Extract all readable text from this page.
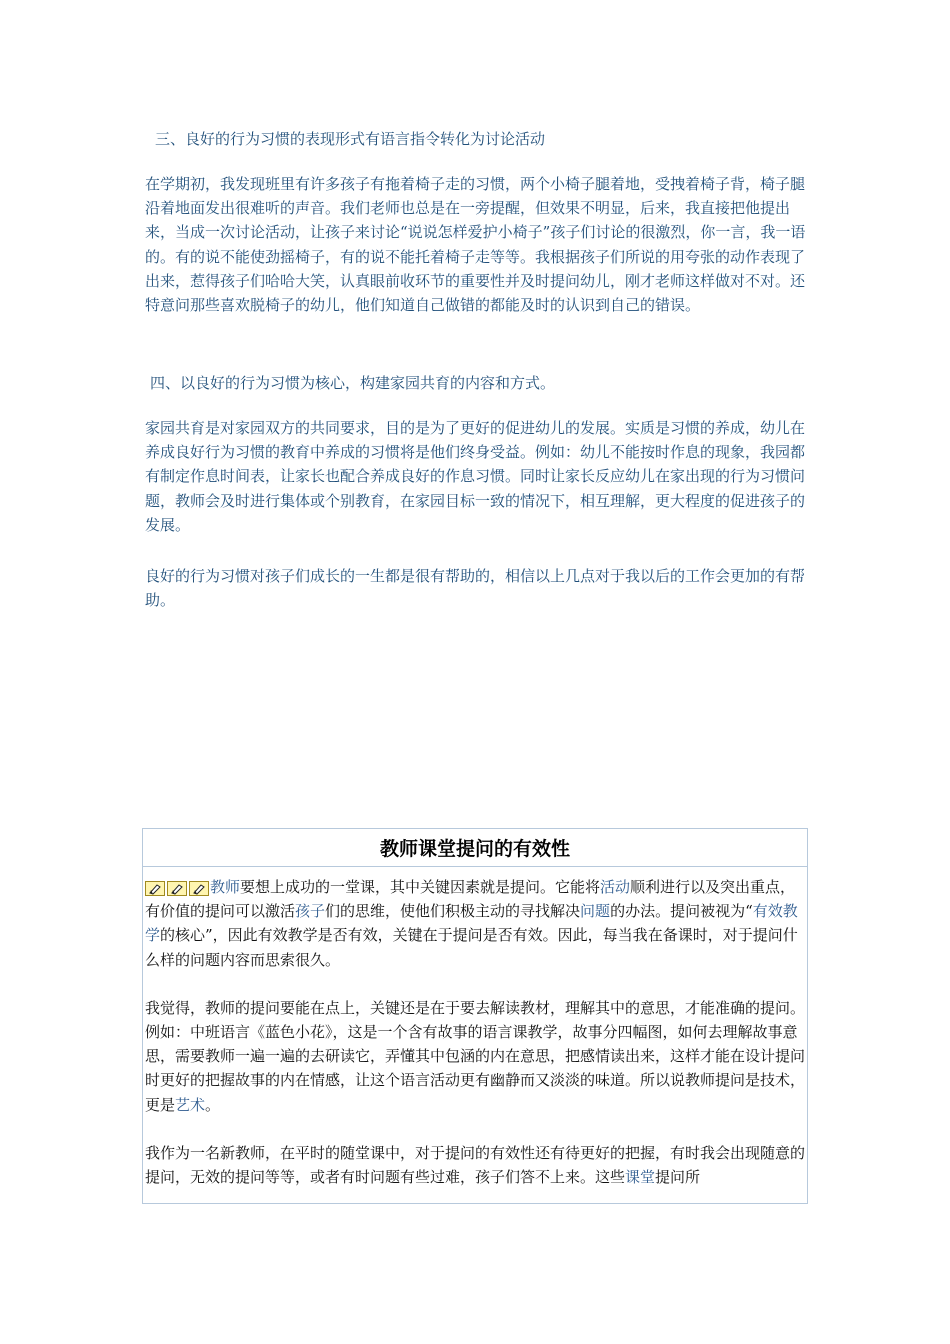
三、良好的行为习惯的表现形式有语言指令转化为讨论活动

在学期初，我发现班里有许多孩子有拖着椅子走的习惯，两个小椅子腿着地，受拽着椅子背，椅子腿沿着地面发出很难听的声音。我们老师也总是在一旁提醒，但效果不明显，后来，我直接把他提出来，当成一次讨论活动，让孩子来讨论“说说怎样爱护小椅子”孩子们讨论的很激烈，你一言，我一语的。有的说不能使劲摇椅子，有的说不能托着椅子走等等。我根据孩子们所说的用夸张的动作表现了出来，惹得孩子们哈哈大笑，认真眼前收环节的重要性并及时提问幼儿，刚才老师这样做对不对。还特意问那些喜欢脱椅子的幼儿，他们知道自己做错的都能及时的认识到自己的错误。

四、以良好的行为习惯为核心，构建家园共育的内容和方式。

家园共育是对家园双方的共同要求，目的是为了更好的促进幼儿的发展。实质是习惯的养成，幼儿在养成良好行为习惯的教育中养成的习惯将是他们终身受益。例如：幼儿不能按时作息的现象，我园都有制定作息时间表，让家长也配合养成良好的作息习惯。同时让家长反应幼儿在家出现的行为习惯问题，教师会及时进行集体或个别教育，在家园目标一致的情况下，相互理解，更大程度的促进孩子的发展。

良好的行为习惯对孩子们成长的一生都是很有帮助的，相信以上几点对于我以后的工作会更加的有帮助。

教师课堂提问的有效性

教师要想上成功的一堂课，其中关键因素就是提问。它能将活动顺利进行以及突出重点，有价值的提问可以激活孩子们的思维，使他们积极主动的寻找解决问题的办法。提问被视为“有效教学的核心”，因此有效教学是否有效，关键在于提问是否有效。因此，每当我在备课时，对于提问什么样的问题内容而思索很久。

我觉得，教师的提问要能在点上，关键还是在于要去解读教材，理解其中的意思，才能准确的提问。例如：中班语言《蓝色小花》，这是一个含有故事的语言课教学，故事分四幅图，如何去理解故事意思，需要教师一遍一遍的去研读它，弄懂其中包涵的内在意思，把感情读出来，这样才能在设计提问时更好的把握故事的内在情感，让这个语言活动更有幽静而又淡淡的味道。所以说教师提问是技术，更是艺术。

我作为一名新教师，在平时的随堂课中，对于提问的有效性还有待更好的把握，有时我会出现随意的提问，无效的提问等等，或者有时问题有些过难，孩子们答不上来。这些课堂提问所
